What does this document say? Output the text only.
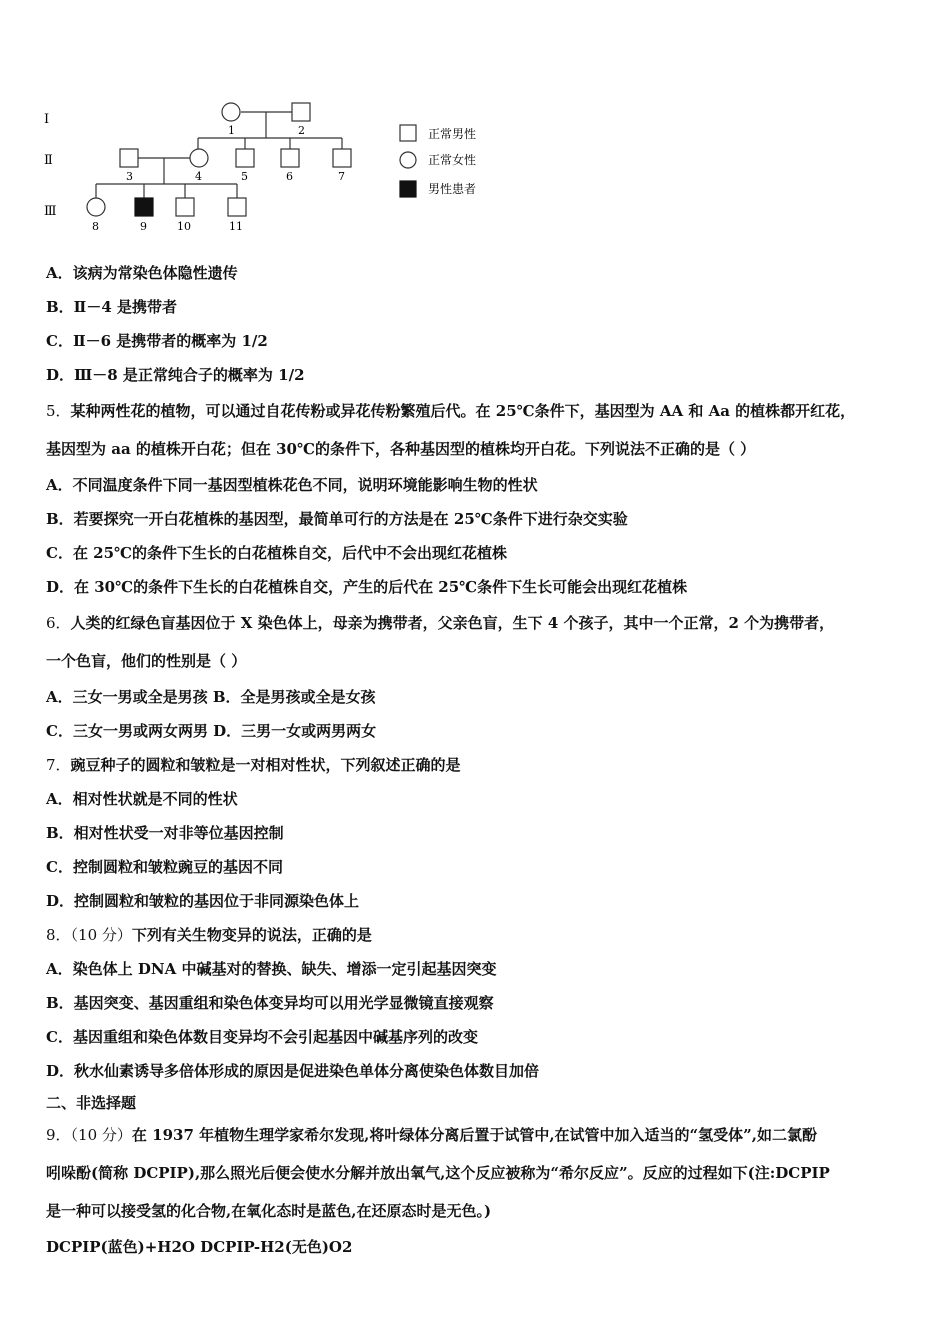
Ⅰ
Ⅱ
Ⅲ
1	2
3	4	5	6	7
8	9	10	11
正常男性
正常女性
男性患者
A．该病为常染色体隐性遗传
B．Ⅱ－4 是携带者
C．Ⅱ－6 是携带者的概率为 1/2
D．Ⅲ－8 是正常纯合子的概率为 1/2
5．某种两性花的植物，可以通过自花传粉或异花传粉繁殖后代。在 25℃条件下，基因型为 AA 和 Aa 的植株都开红花，
基因型为 aa 的植株开白花；但在 30℃的条件下，各种基因型的植株均开白花。下列说法不正确的是（ ）
A．不同温度条件下同一基因型植株花色不同，说明环境能影响生物的性状
B．若要探究一开白花植株的基因型，最简单可行的方法是在 25℃条件下进行杂交实验
C．在 25℃的条件下生长的白花植株自交，后代中不会出现红花植株
D．在 30℃的条件下生长的白花植株自交，产生的后代在 25℃条件下生长可能会出现红花植株
6．人类的红绿色盲基因位于 X 染色体上，母亲为携带者，父亲色盲，生下 4 个孩子，其中一个正常，2 个为携带者，
一个色盲，他们的性别是（ ）
A．三女一男或全是男孩 B．全是男孩或全是女孩
C．三女一男或两女两男 D．三男一女或两男两女
7．豌豆种子的圆粒和皱粒是一对相对性状，下列叙述正确的是
A．相对性状就是不同的性状
B．相对性状受一对非等位基因控制
C．控制圆粒和皱粒豌豆的基因不同
D．控制圆粒和皱粒的基因位于非同源染色体上
8．（10 分）下列有关生物变异的说法，正确的是
A．染色体上 DNA 中碱基对的替换、缺失、增添一定引起基因突变
B．基因突变、基因重组和染色体变异均可以用光学显微镜直接观察
C．基因重组和染色体数目变异均不会引起基因中碱基序列的改变
D．秋水仙素诱导多倍体形成的原因是促进染色单体分离使染色体数目加倍
二、非选择题
9．（10 分）在 1937 年植物生理学家希尔发现,将叶绿体分离后置于试管中,在试管中加入适当的“氢受体”,如二氯酚
吲哚酚(简称 DCPIP),那么照光后便会使水分解并放出氧气,这个反应被称为“希尔反应”。反应的过程如下(注:DCPIP
是一种可以接受氢的化合物,在氧化态时是蓝色,在还原态时是无色。)
DCPIP(蓝色)+H2O DCPIP-H2(无色)O2
